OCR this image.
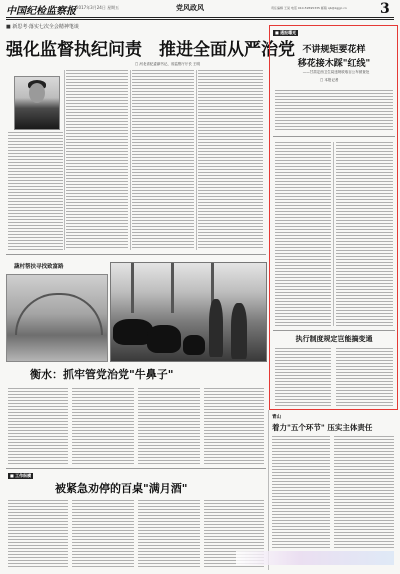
中国纪检监察报 2017年3月24日 星期五	党风政风	责任编辑 王昊 电话 010-59595335 邮箱 qb@zgjjjc.cn 3
■ 新思考·落实七次全会精神笔谈
强化监督执纪问责　推进全面从严治党
□ 河北省纪委副书记、省监察厅厅长 王明
蔬村帮扶寻找致富路
衡水：抓牢管党治党"牛鼻子"
■ 工作纵横
被紧急劝停的百桌"满月酒"
■ 通报曝光
不讲规矩要花样
移花接木踩"红线"
——甘肃定西卫生局违规收取百公车被查处
□ 本报记者
执行制度规定岂能搞变通
青山
着力"五个环节" 压实主体责任
